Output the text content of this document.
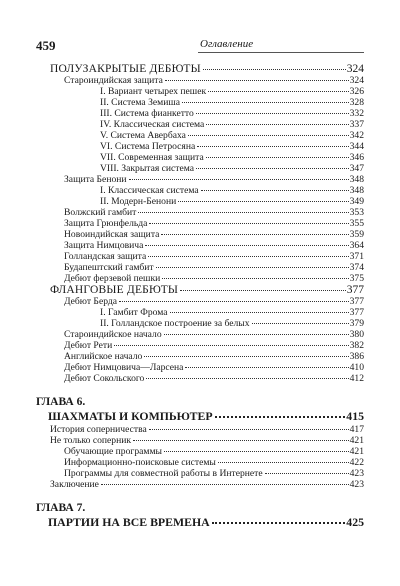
459	Оглавление
ПОЛУЗАКРЫТЫЕ ДЕБЮТЫ	324
Староиндийская защита	324
I. Вариант четырех пешек	326
II. Система Земиша	328
III. Система фианкетто	332
IV. Классическая система	337
V. Система Авербаха	342
VI. Система Петросяна	344
VII. Современная защита	346
VIII. Закрытая система	347
Защита Бенони	348
I. Классическая система	348
II. Модерн-Бенони	349
Волжский гамбит	353
Защита Грюнфельда	355
Новоиндийская защита	359
Защита Нимцовича	364
Голландская защита	371
Будапештский гамбит	374
Дебют ферзевой пешки	375
ФЛАНГОВЫЕ ДЕБЮТЫ	377
Дебют Берда	377
I. Гамбит Фрома	377
II. Голландское построение за белых	379
Староиндийское начало	380
Дебют Рети	382
Английское начало	386
Дебют Нимцовича—Ларсена	410
Дебют Сокольского	412
ГЛАВА 6.
ШАХМАТЫ И КОМПЬЮТЕР	415
История соперничества	417
Не только соперник	421
Обучающие программы	421
Информационно-поисковые системы	422
Программы для совместной работы в Интернете	423
Заключение	423
ГЛАВА 7.
ПАРТИИ НА ВСЕ ВРЕМЕНА	425
